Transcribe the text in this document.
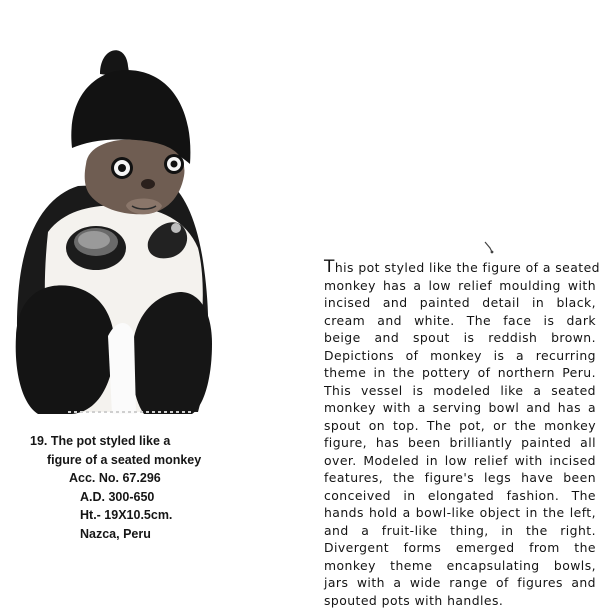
19. The pot styled like a
figure of a seated monkey
Acc. No. 67.296
A.D. 300-650
Ht.- 19X10.5cm.
Nazca, Peru
This pot styled like the figure of a seated
monkey has a low relief moulding with
incised and painted detail in black,
cream and white. The face is dark
beige and spout is reddish brown.
Depictions of monkey is a recurring
theme in the pottery of northern Peru.
This vessel is modeled like a seated
monkey with a serving bowl and has a
spout on top. The pot, or the monkey
figure, has been brilliantly painted all
over. Modeled in low relief with incised
features, the figure's legs have been
conceived in elongated fashion. The
hands hold a bowl-like object in the left,
and a fruit-like thing, in the right.
Divergent forms emerged from the
monkey theme encapsulating bowls,
jars with a wide range of figures and
spouted pots with handles.
